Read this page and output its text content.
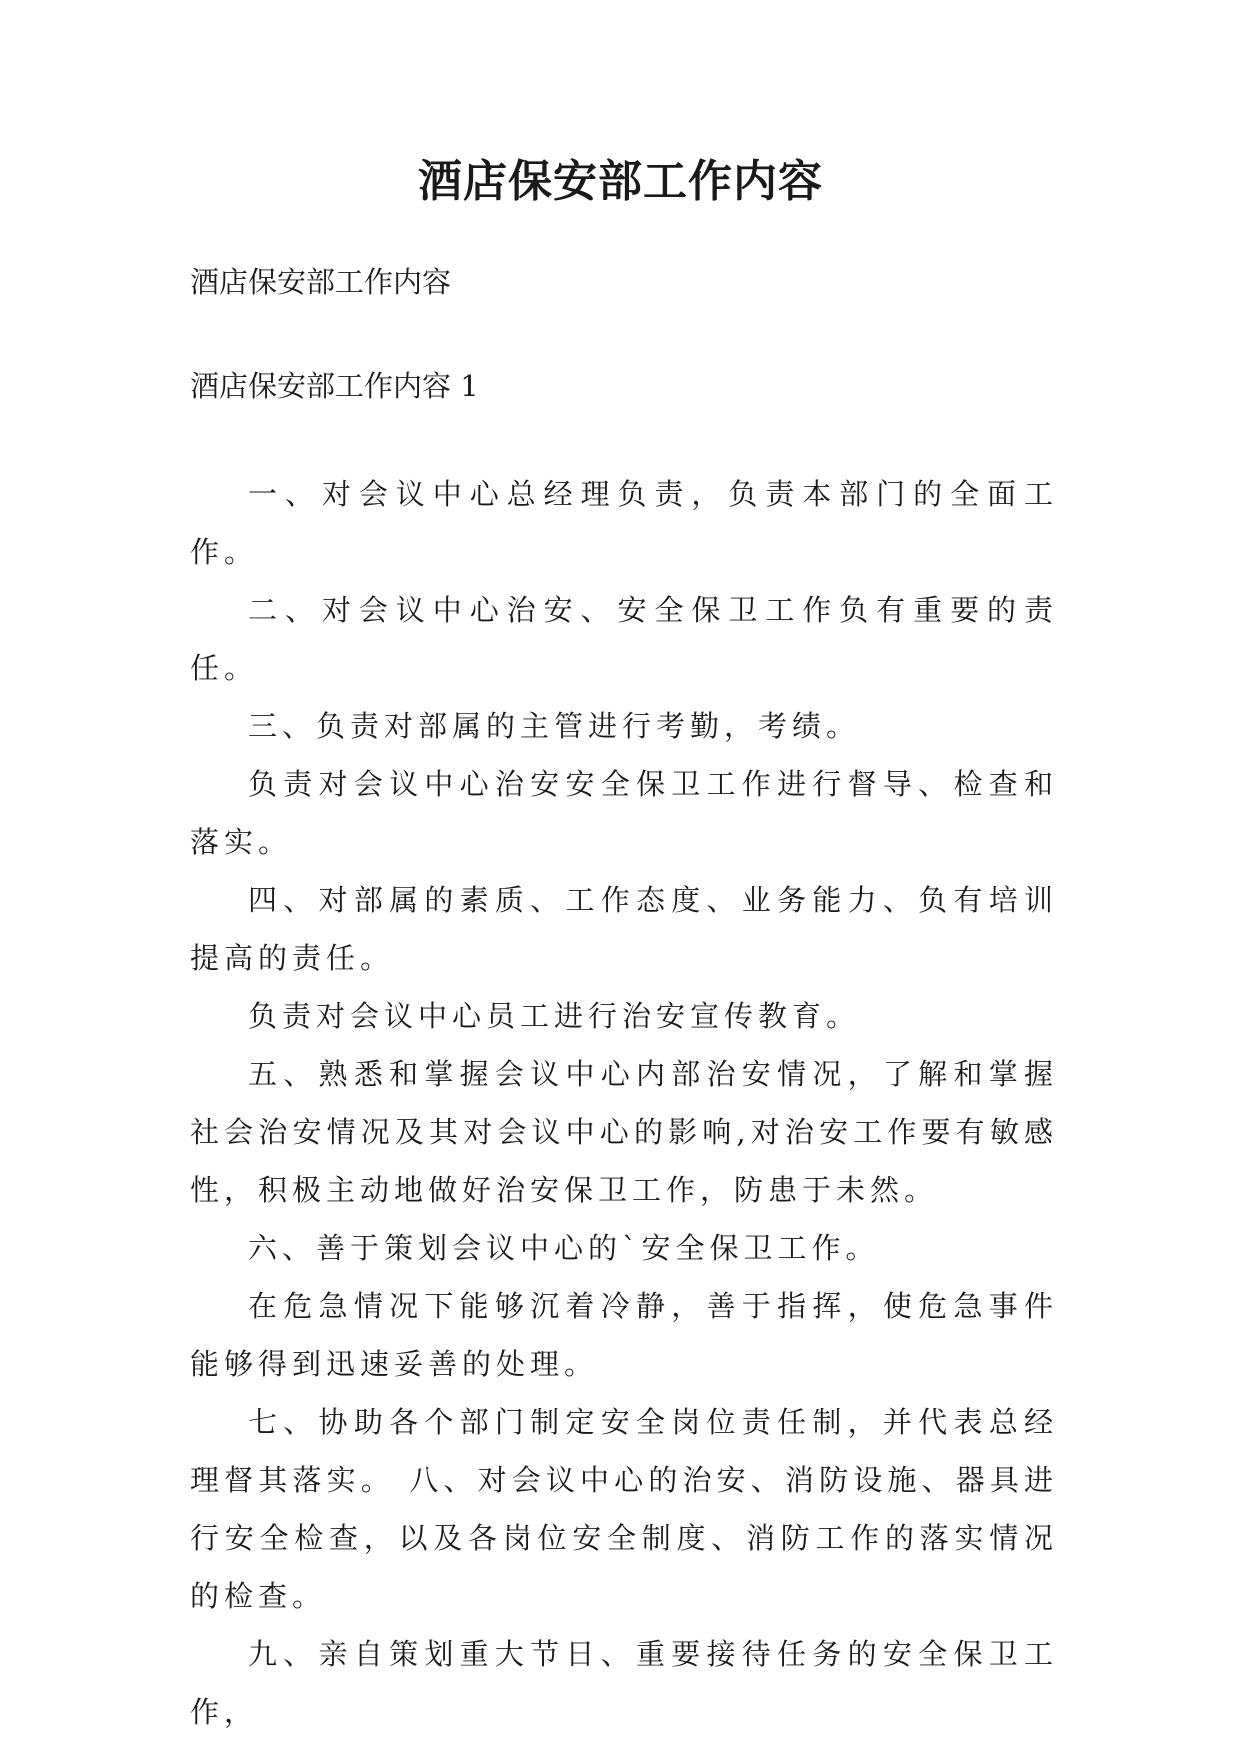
酒店保安部工作内容

酒店保安部工作内容

酒店保安部工作内容 1

一、对会议中心总经理负责，负责本部门的全面工作。

二、对会议中心治安、安全保卫工作负有重要的责任。

三、负责对部属的主管进行考勤，考绩。

负责对会议中心治安安全保卫工作进行督导、检查和落实。

四、对部属的素质、工作态度、业务能力、负有培训提高的责任。

负责对会议中心员工进行治安宣传教育。

五、熟悉和掌握会议中心内部治安情况，了解和掌握社会治安情况及其对会议中心的影响,对治安工作要有敏感性，积极主动地做好治安保卫工作，防患于未然。

六、善于策划会议中心的`安全保卫工作。

在危急情况下能够沉着冷静，善于指挥，使危急事件能够得到迅速妥善的处理。

七、协助各个部门制定安全岗位责任制，并代表总经理督其落实。 八、对会议中心的治安、消防设施、器具进行安全检查，以及各岗位安全制度、消防工作的落实情况的检查。

九、亲自策划重大节日、重要接待任务的安全保卫工作，
